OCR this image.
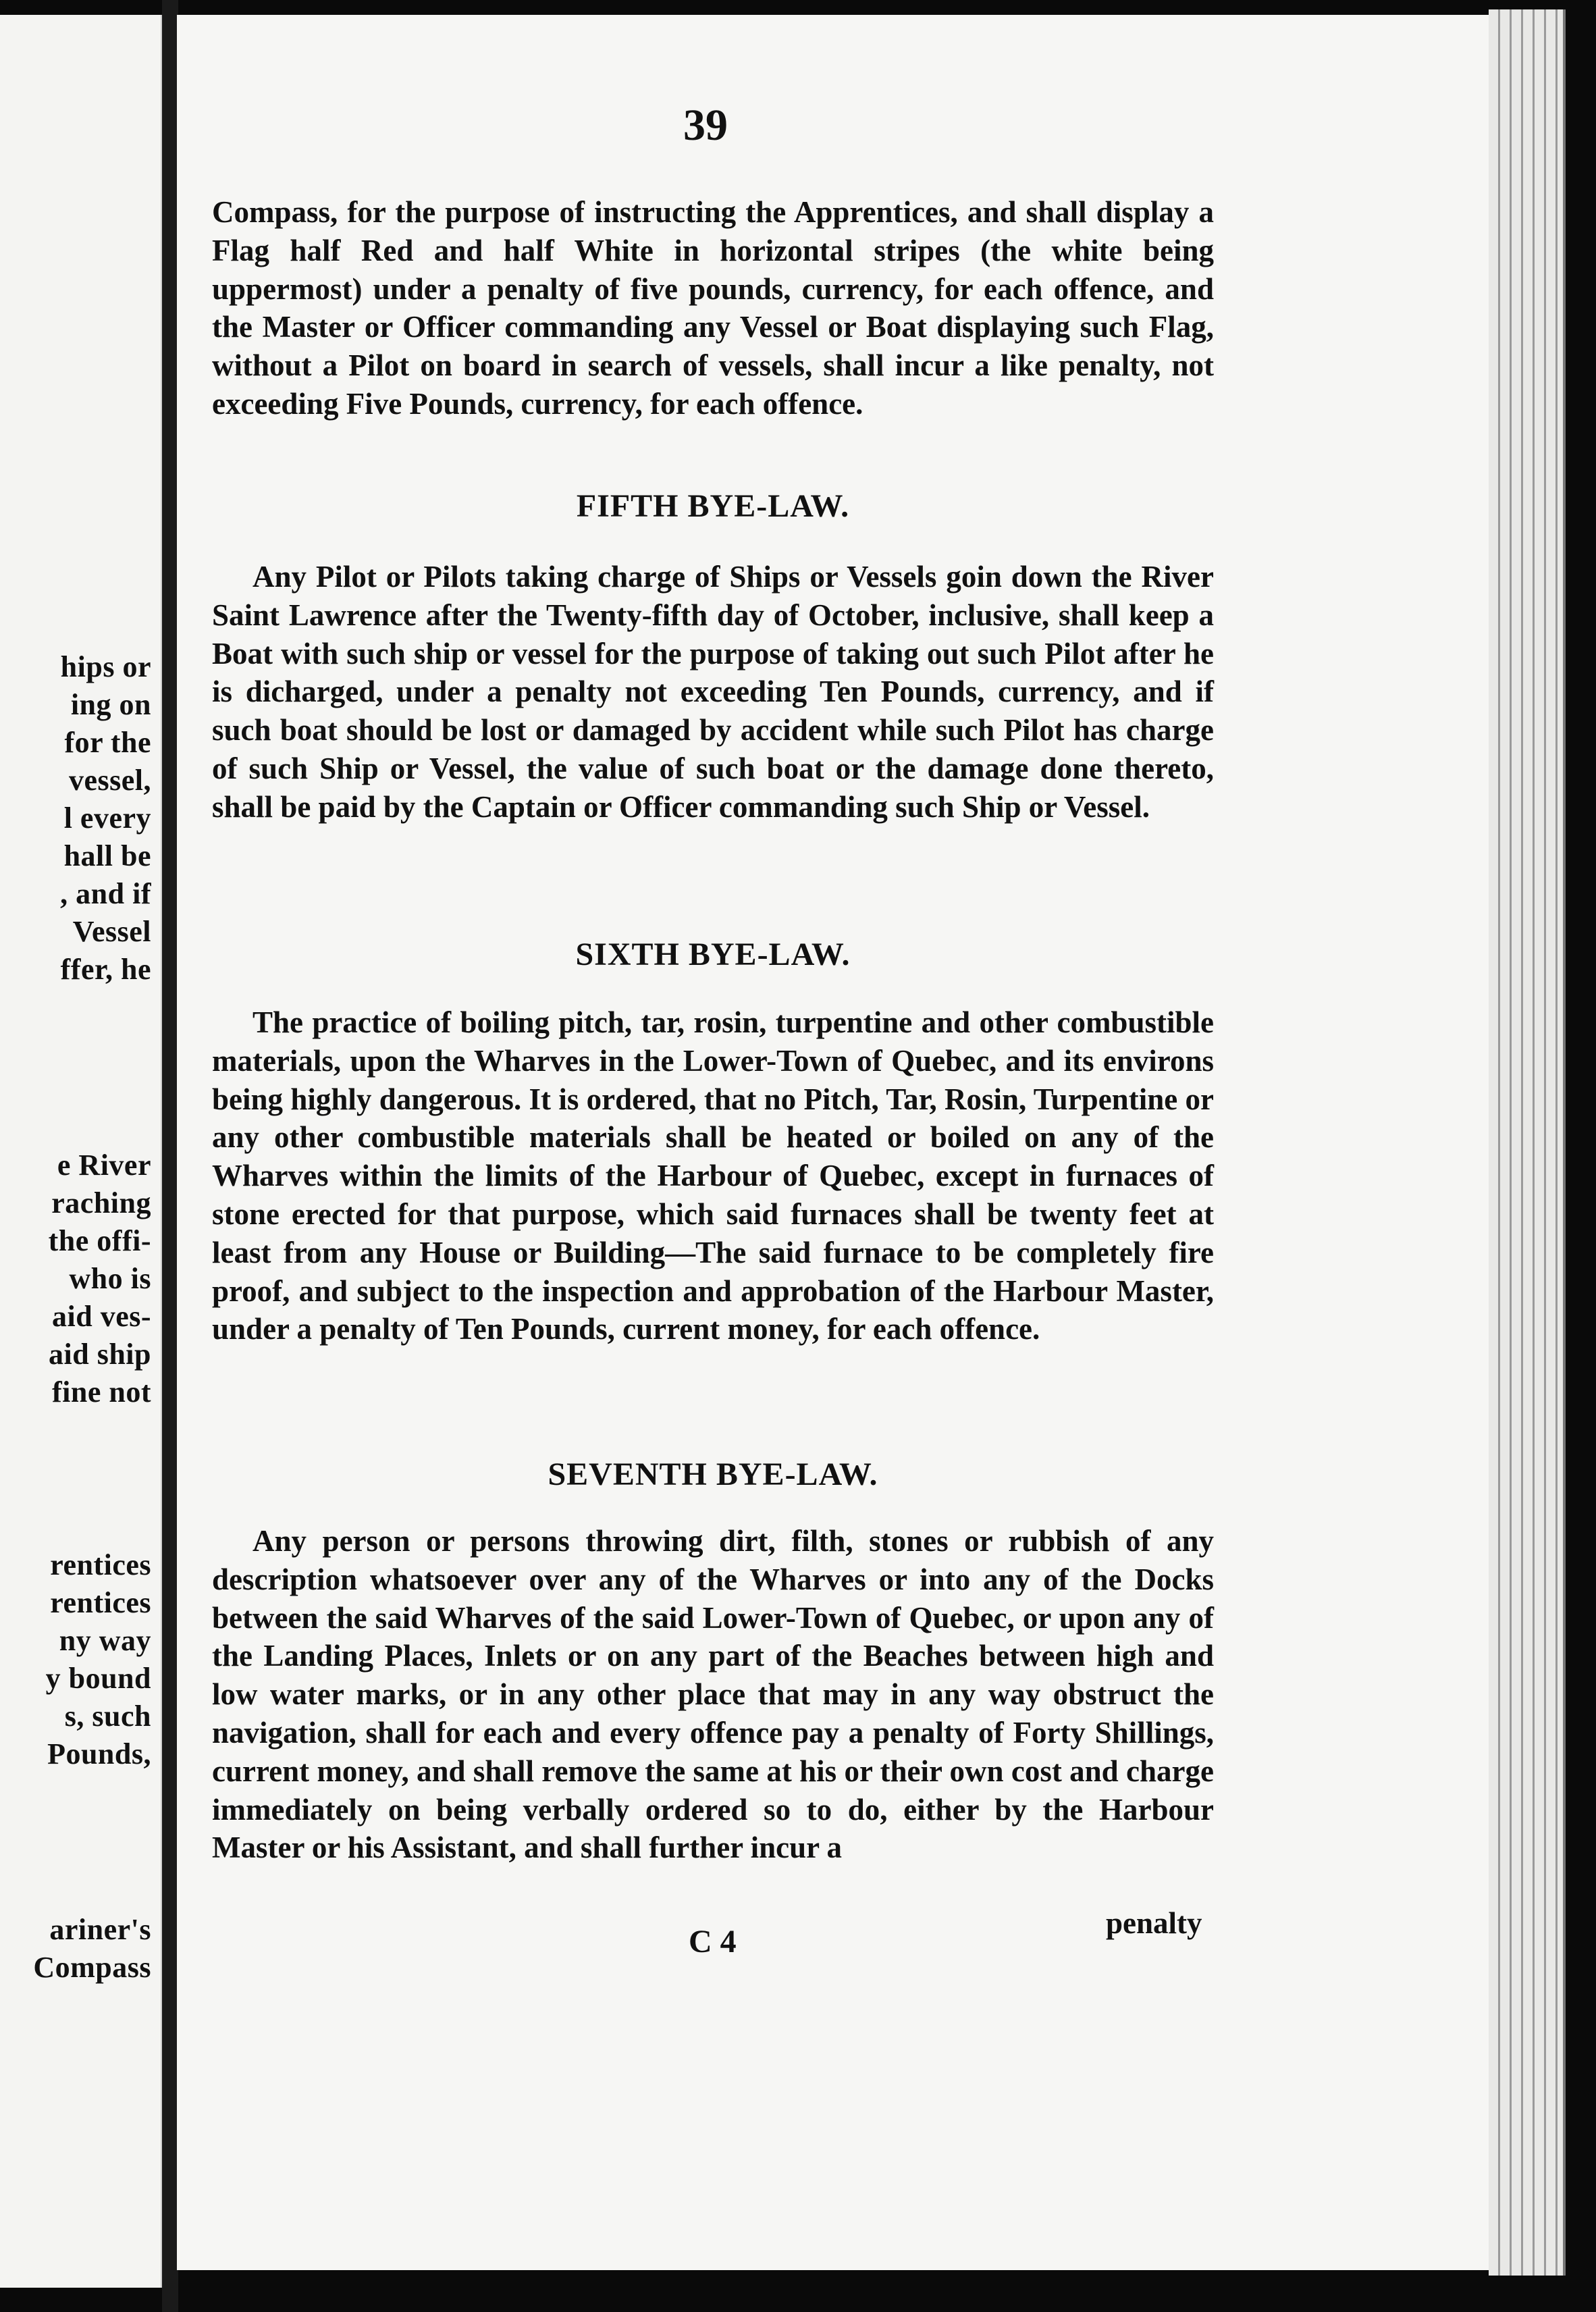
hips or
ing on
for the
vessel,
l every
hall be
, and if
Vessel
ffer, he
e River
raching
the offi-
who is
aid ves-
aid ship
fine not
rentices
rentices
ny way
y bound
s, such
Pounds,
ariner's
Compass
39

Compass, for the purpose of instructing the Apprentices, and shall display a Flag half Red and half White in horizontal stripes (the white being uppermost) under a penalty of five pounds, currency, for each offence, and the Master or Officer commanding any Vessel or Boat displaying such Flag, without a Pilot on board in search of vessels, shall incur a like penalty, not exceeding Five Pounds, currency, for each offence.

FIFTH BYE-LAW.

Any Pilot or Pilots taking charge of Ships or Vessels goin down the River Saint Lawrence after the Twenty-fifth day of October, inclusive, shall keep a Boat with such ship or vessel for the purpose of taking out such Pilot after he is dicharged, under a penalty not exceeding Ten Pounds, currency, and if such boat should be lost or damaged by accident while such Pilot has charge of such Ship or Vessel, the value of such boat or the damage done thereto, shall be paid by the Captain or Officer commanding such Ship or Vessel.

SIXTH BYE-LAW.

The practice of boiling pitch, tar, rosin, turpentine and other combustible materials, upon the Wharves in the Lower-Town of Quebec, and its environs being highly dangerous. It is ordered, that no Pitch, Tar, Rosin, Turpentine or any other combustible materials shall be heated or boiled on any of the Wharves within the limits of the Harbour of Quebec, except in furnaces of stone erected for that purpose, which said furnaces shall be twenty feet at least from any House or Building—The said furnace to be completely fire proof, and subject to the inspection and approbation of the Harbour Master, under a penalty of Ten Pounds, current money, for each offence.

SEVENTH BYE-LAW.

Any person or persons throwing dirt, filth, stones or rubbish of any description whatsoever over any of the Wharves or into any of the Docks between the said Wharves of the said Lower-Town of Quebec, or upon any of the Landing Places, Inlets or on any part of the Beaches between high and low water marks, or in any other place that may in any way obstruct the navigation, shall for each and every offence pay a penalty of Forty Shillings, current money, and shall remove the same at his or their own cost and charge immediately on being verbally ordered so to do, either by the Harbour Master or his Assistant, and shall further incur a

C 4
penalty
